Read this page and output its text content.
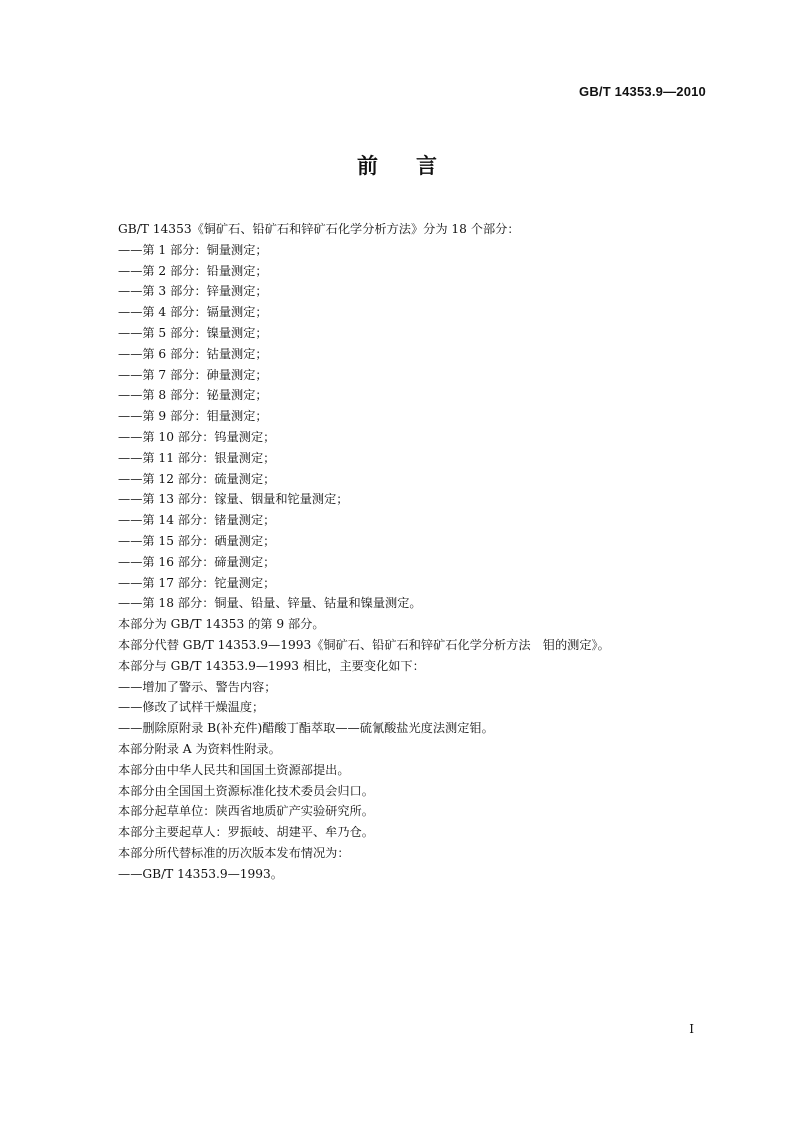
GB/T 14353.9—2010
前言
GB/T 14353《铜矿石、铅矿石和锌矿石化学分析方法》分为 18 个部分：
——第 1 部分：铜量测定；
——第 2 部分：铅量测定；
——第 3 部分：锌量测定；
——第 4 部分：镉量测定；
——第 5 部分：镍量测定；
——第 6 部分：钴量测定；
——第 7 部分：砷量测定；
——第 8 部分：铋量测定；
——第 9 部分：钼量测定；
——第 10 部分：钨量测定；
——第 11 部分：银量测定；
——第 12 部分：硫量测定；
——第 13 部分：镓量、铟量和铊量测定；
——第 14 部分：锗量测定；
——第 15 部分：硒量测定；
——第 16 部分：碲量测定；
——第 17 部分：铊量测定；
——第 18 部分：铜量、铅量、锌量、钴量和镍量测定。
本部分为 GB/T 14353 的第 9 部分。
本部分代替 GB/T 14353.9—1993《铜矿石、铅矿石和锌矿石化学分析方法　钼的测定》。
本部分与 GB/T 14353.9—1993 相比，主要变化如下：
——增加了警示、警告内容；
——修改了试样干燥温度；
——删除原附录 B(补充件)醋酸丁酯萃取——硫氰酸盐光度法测定钼。
本部分附录 A 为资料性附录。
本部分由中华人民共和国国土资源部提出。
本部分由全国国土资源标准化技术委员会归口。
本部分起草单位：陕西省地质矿产实验研究所。
本部分主要起草人：罗振岐、胡建平、牟乃仓。
本部分所代替标准的历次版本发布情况为：
——GB/T 14353.9—1993。
I
